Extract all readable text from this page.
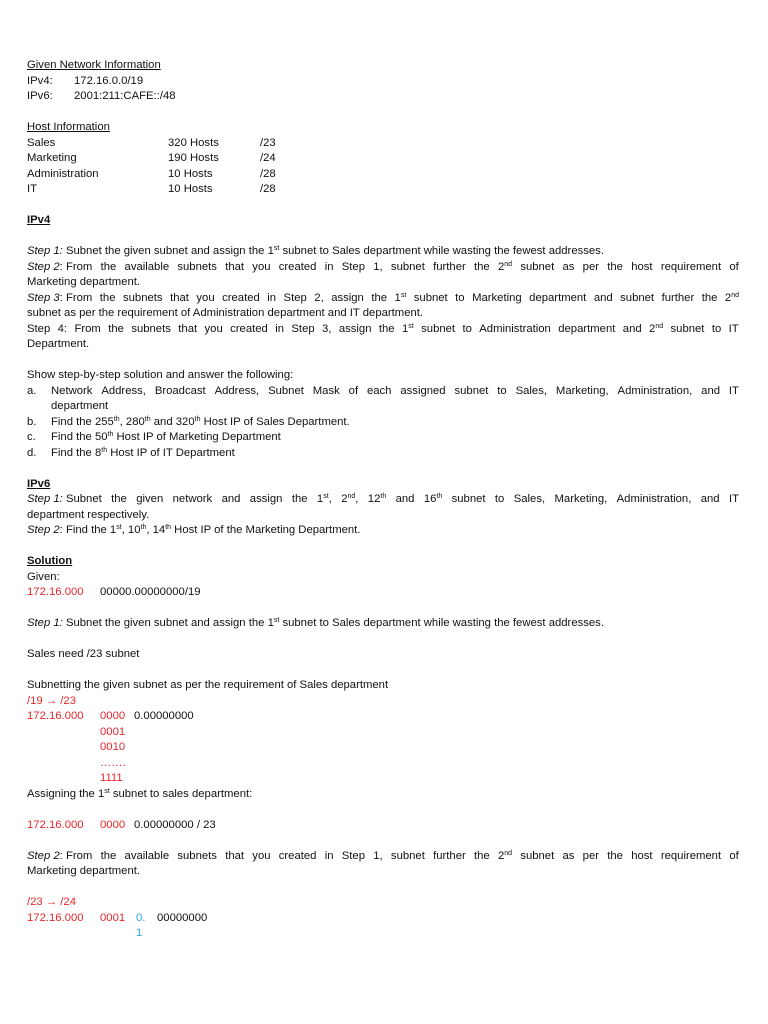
Given Network Information
IPv4: 172.16.0.0/19
IPv6: 2001:211:CAFE::/48
Host Information
Sales	320 Hosts	/23
Marketing	190 Hosts	/24
Administration	10 Hosts	/28
IT	10 Hosts	/28
IPv4
Step 1: Subnet the given subnet and assign the 1st subnet to Sales department while wasting the fewest addresses.
Step 2: From the available subnets that you created in Step 1, subnet further the 2nd subnet as per the host requirement of
Marketing department.
Step 3: From the subnets that you created in Step 2, assign the 1st subnet to Marketing department and subnet further the 2nd
subnet as per the requirement of Administration department and IT department.
Step 4: From the subnets that you created in Step 3, assign the 1st subnet to Administration department and 2nd subnet to IT
Department.
Show step-by-step solution and answer the following:
a. Network Address, Broadcast Address, Subnet Mask of each assigned subnet to Sales, Marketing, Administration, and IT
department
b. Find the 255th, 280th and 320th Host IP of Sales Department.
c. Find the 50th Host IP of Marketing Department
d. Find the 8th Host IP of IT Department
IPv6
Step 1: Subnet the given network and assign the 1st, 2nd, 12th and 16th subnet to Sales, Marketing, Administration, and IT
department respectively.
Step 2: Find the 1st, 10th, 14th Host IP of the Marketing Department.
Solution
Given:
172.16.000 00000.00000000/19
Step 1: Subnet the given subnet and assign the 1st subnet to Sales department while wasting the fewest addresses.
Sales need /23 subnet
Subnetting the given subnet as per the requirement of Sales department
/19 → /23
172.16.000 0000 0.00000000
0001
0010
…….
1111
Assigning the 1st subnet to sales department:
172.16.000 0000 0.00000000 / 23
Step 2: From the available subnets that you created in Step 1, subnet further the 2nd subnet as per the host requirement of
Marketing department.
/23 → /24
172.16.000 0001 0. 00000000
1
